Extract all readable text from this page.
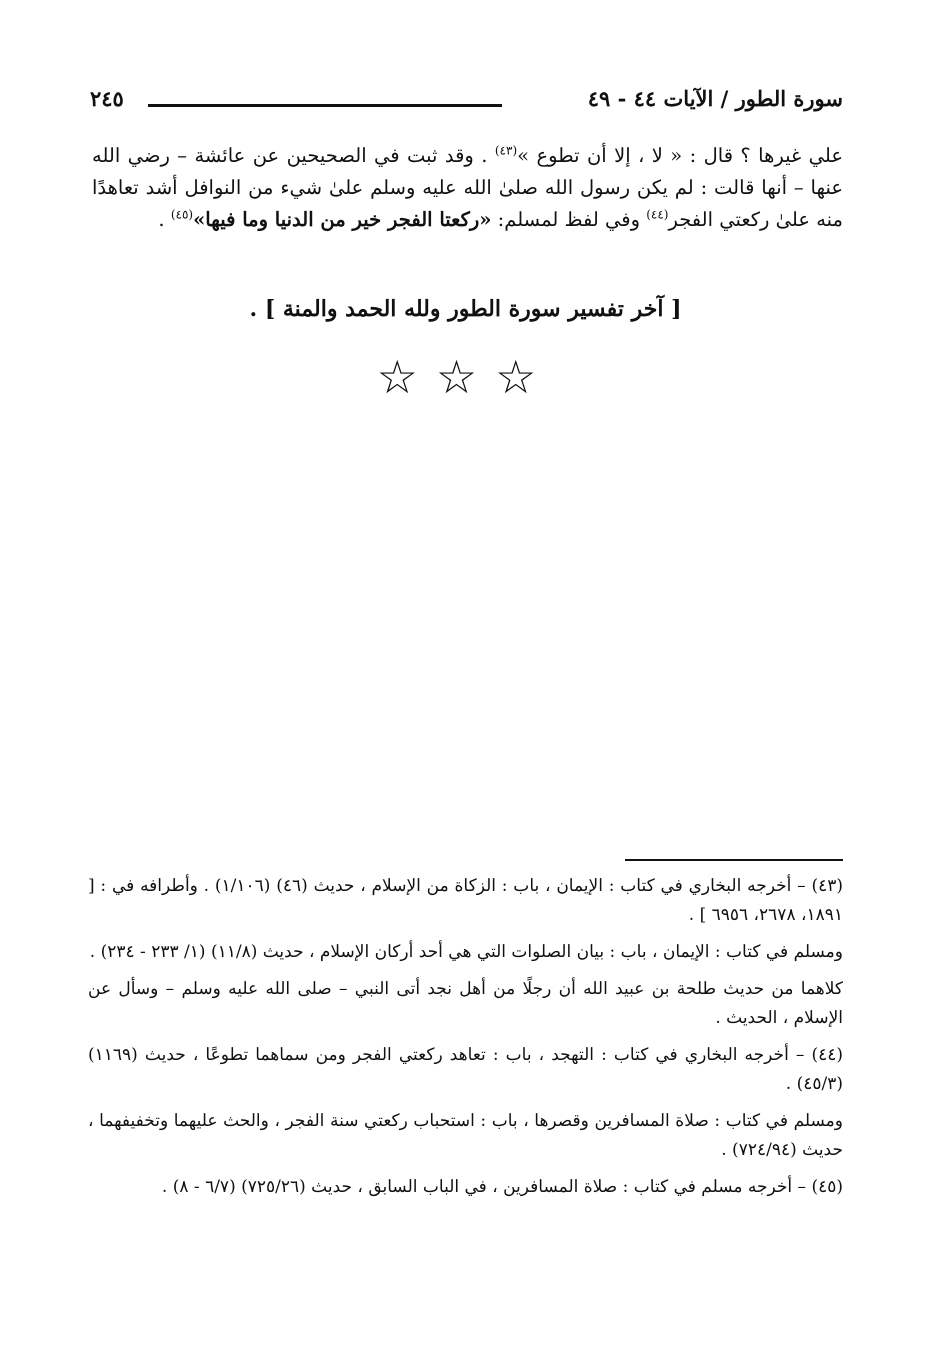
سورة الطور / الآيات ٤٤ - ٤٩
٢٤٥
علي غيرها ؟ قال : « لا ، إلا أن تطوع »$^{(٤٣)}$ . وقد ثبت في الصحيحين عن عائشة – رضي الله عنها – أنها قالت : لم يكن رسول الله صلىٰ الله عليه وسلم علىٰ شيء من النوافل أشد تعاهدًا منه علىٰ ركعتي الفجر$^{(٤٤)}$ وفي لفظ لمسلم: «ركعتا الفجر خير من الدنيا وما فيها»$^{(٤٥)}$ .
[ آخر تفسير سورة الطور ولله الحمد والمنة ] .
☆☆☆

(٤٣) – أخرجه البخاري في كتاب : الإيمان ، باب : الزكاة من الإسلام ، حديث (٤٦) (١/١٠٦) . وأطرافه في : [ ١٨٩١، ٢٦٧٨، ٦٩٥٦ ] .

ومسلم في كتاب : الإيمان ، باب : بيان الصلوات التي هي أحد أركان الإسلام ، حديث (١١/٨) (١/ ٢٣٣ - ٢٣٤) .

كلاهما من حديث طلحة بن عبيد الله أن رجلًا من أهل نجد أتى النبي – صلى الله عليه وسلم – وسأل عن الإسلام ، الحديث .

(٤٤) – أخرجه البخاري في كتاب : التهجد ، باب : تعاهد ركعتي الفجر ومن سماهما تطوعًا ، حديث (١١٦٩) (٤٥/٣) .

ومسلم في كتاب : صلاة المسافرين وقصرها ، باب : استحباب ركعتي سنة الفجر ، والحث عليهما وتخفيفهما ، حديث (٧٢٤/٩٤) .

(٤٥) – أخرجه مسلم في كتاب : صلاة المسافرين ، في الباب السابق ، حديث (٧٢٥/٢٦) (٦/٧ - ٨) .
